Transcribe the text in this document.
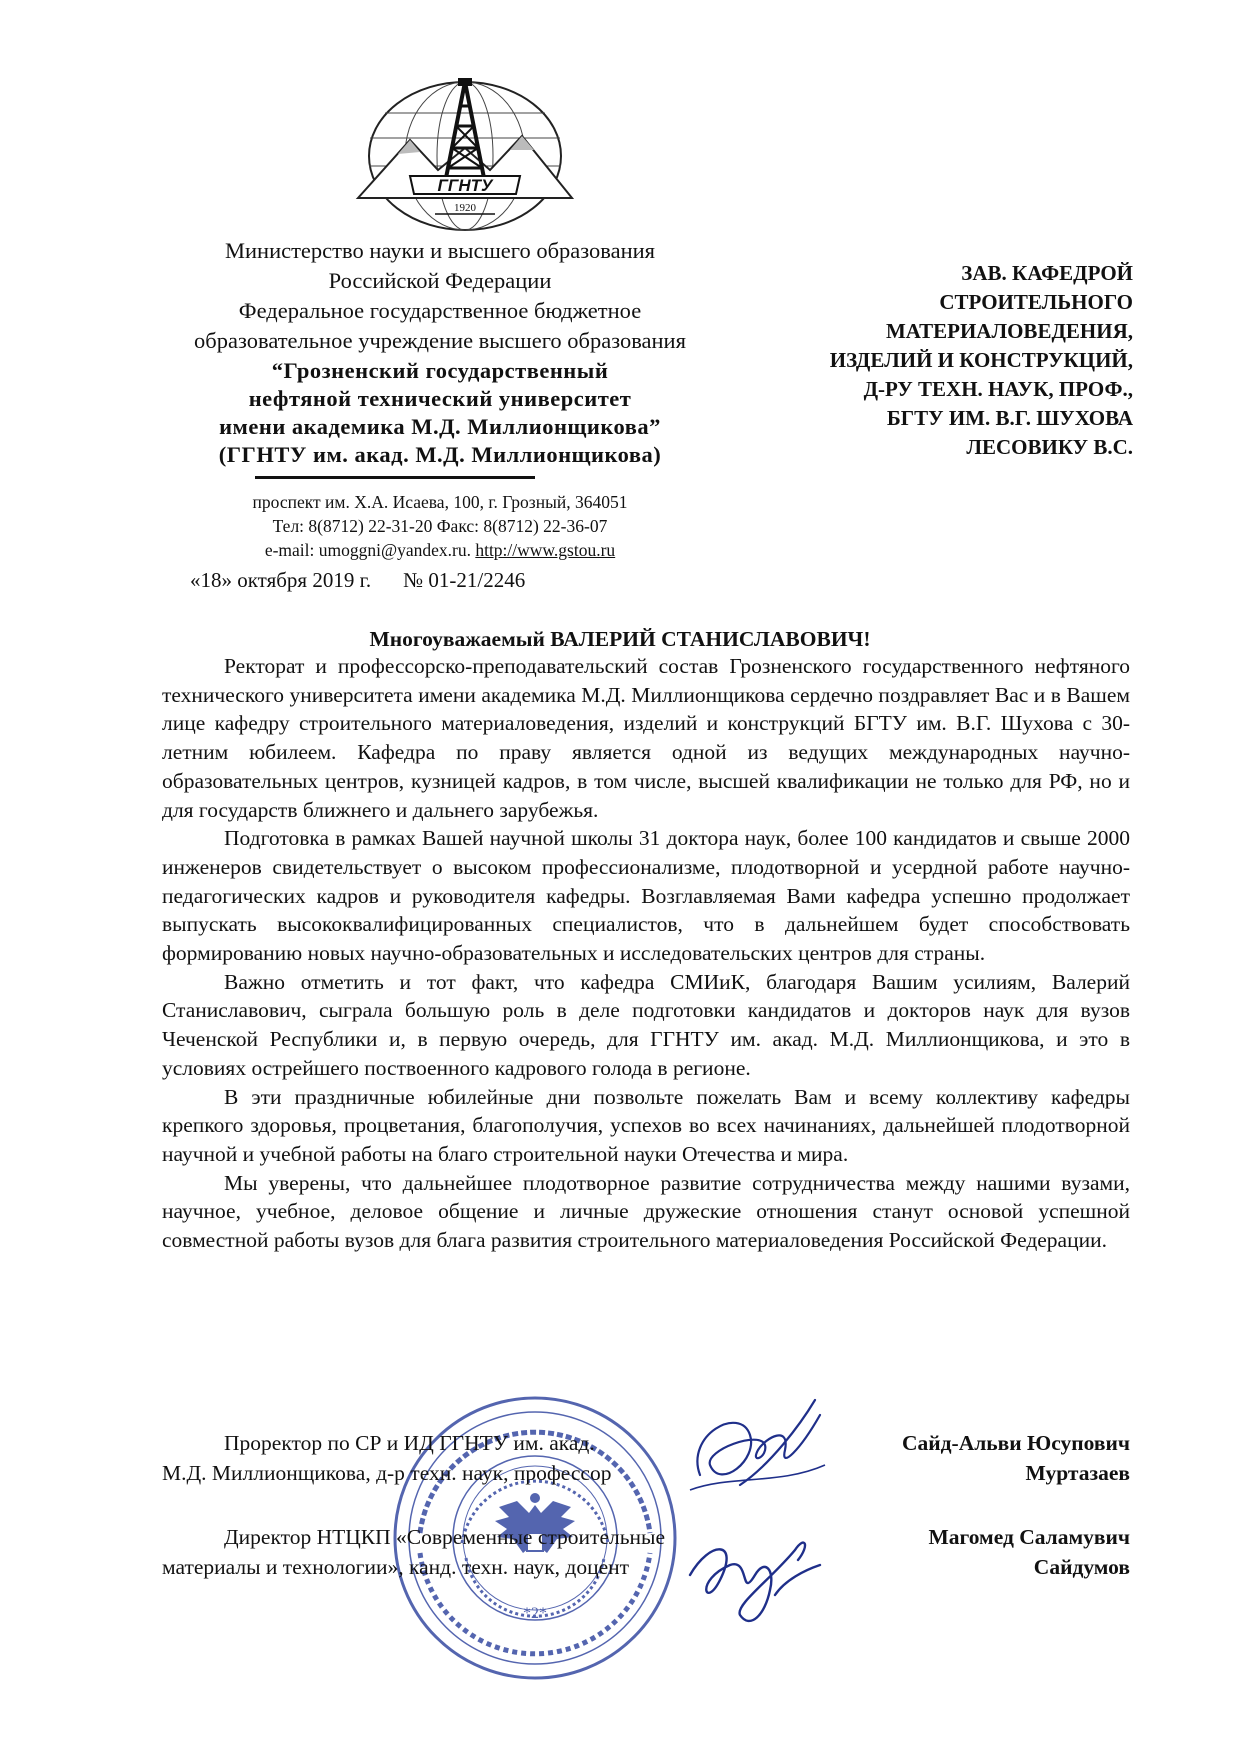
ГГНТУ
1920
Министерство науки и высшего образования
Российской Федерации
Федеральное государственное бюджетное
образовательное учреждение высшего образования
“Грозненский государственный
нефтяной технический университет
имени академика М.Д. Миллионщикова”
(ГГНТУ им. акад. М.Д. Миллионщикова)
проспект им. Х.А. Исаева, 100, г. Грозный, 364051
Тел: 8(8712) 22-31-20 Факс: 8(8712) 22-36-07
e-mail: umoggni@yandex.ru. http://www.gstou.ru
«18» октября 2019 г. № 01-21/2246
ЗАВ. КАФЕДРОЙ
СТРОИТЕЛЬНОГО
МАТЕРИАЛОВЕДЕНИЯ,
ИЗДЕЛИЙ И КОНСТРУКЦИЙ,
Д-РУ ТЕХН. НАУК, ПРОФ.,
БГТУ ИМ. В.Г. ШУХОВА
ЛЕСОВИКУ В.С.
Многоуважаемый ВАЛЕРИЙ СТАНИСЛАВОВИЧ!

Ректорат и профессорско-преподавательский состав Грозненского государственного нефтяного технического университета имени академика М.Д. Миллионщикова сердечно поздравляет Вас и в Вашем лице кафедру строительного материаловедения, изделий и конструкций БГТУ им. В.Г. Шухова с 30-летним юбилеем. Кафедра по праву является одной из ведущих международных научно-образовательных центров, кузницей кадров, в том числе, высшей квалификации не только для РФ, но и для государств ближнего и дальнего зарубежья.

Подготовка в рамках Вашей научной школы 31 доктора наук, более 100 кандидатов и свыше 2000 инженеров свидетельствует о высоком профессионализме, плодотворной и усердной работе научно-педагогических кадров и руководителя кафедры. Возглавляемая Вами кафедра успешно продолжает выпускать высококвалифицированных специалистов, что в дальнейшем будет способствовать формированию новых научно-образовательных и исследовательских центров для страны.

Важно отметить и тот факт, что кафедра СМИиК, благодаря Вашим усилиям, Валерий Станиславович, сыграла большую роль в деле подготовки кандидатов и докторов наук для вузов Чеченской Республики и, в первую очередь, для ГГНТУ им. акад. М.Д. Миллионщикова, и это в условиях острейшего поствоенного кадрового голода в регионе.

В эти праздничные юбилейные дни позвольте пожелать Вам и всему коллективу кафедры крепкого здоровья, процветания, благополучия, успехов во всех начинаниях, дальнейшей плодотворной научной и учебной работы на благо строительной науки Отечества и мира.

Мы уверены, что дальнейшее плодотворное развитие сотрудничества между нашими вузами, научное, учебное, деловое общение и личные дружеские отношения станут основой успешной совместной работы вузов для блага развития строительного материаловедения Российской Федерации.

*2*
Проректор по СР и ИД ГГНТУ им. акад.
М.Д. Миллионщикова, д-р техн. наук, профессор
Сайд-Альви Юсупович
Муртазаев
Директор НТЦКП «Современные строительные
материалы и технологии», канд. техн. наук, доцент
Магомед Саламувич
Сайдумов
